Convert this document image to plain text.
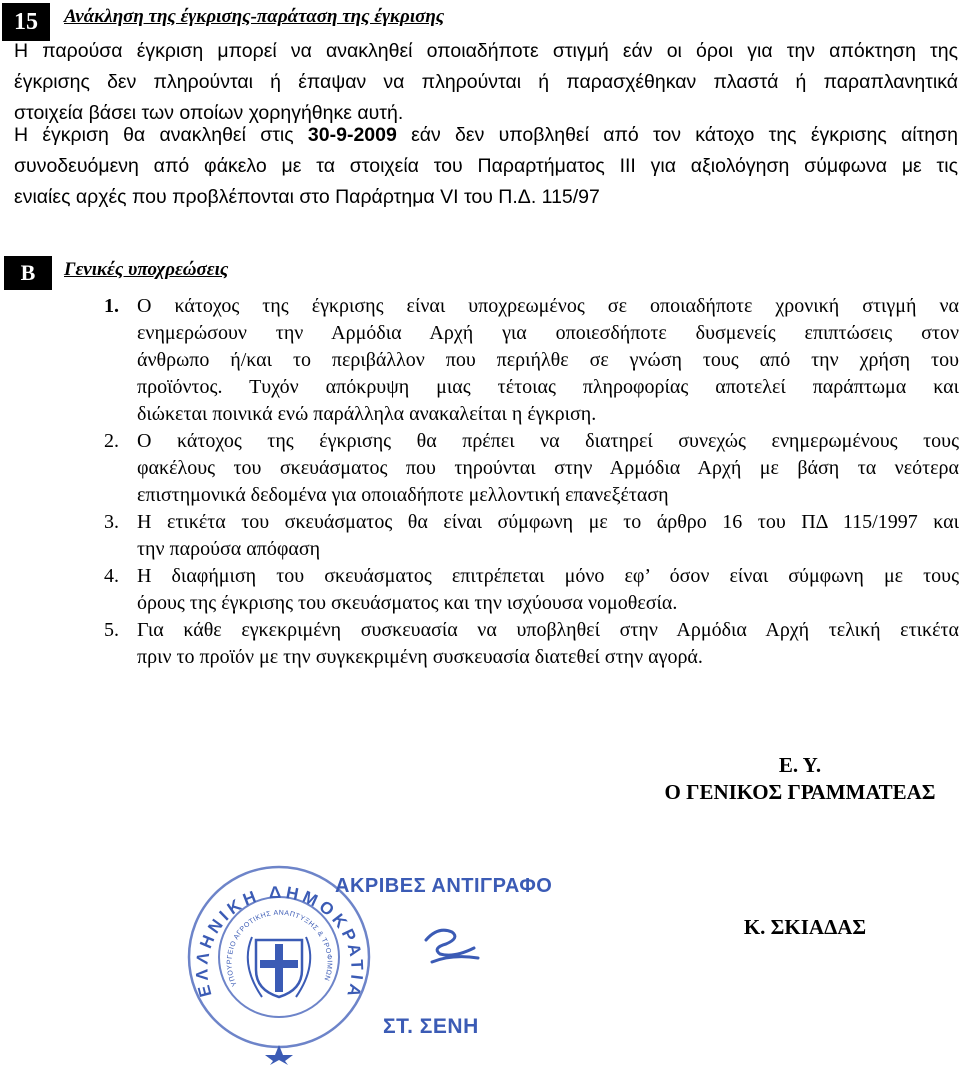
15	Ανάκληση της έγκρισης-παράταση της έγκρισης
Η παρούσα έγκριση μπορεί να ανακληθεί οποιαδήποτε στιγμή εάν οι όροι για την απόκτηση της
έγκρισης δεν πληρούνται ή έπαψαν να πληρούνται ή παρασχέθηκαν πλαστά ή παραπλανητικά
στοιχεία βάσει των οποίων χορηγήθηκε αυτή.
Η έγκριση θα ανακληθεί στις 30-9-2009 εάν δεν υποβληθεί από τον κάτοχο της έγκρισης αίτηση
συνοδευόμενη από φάκελο με τα στοιχεία του Παραρτήματος ΙΙΙ για αξιολόγηση σύμφωνα με τις
ενιαίες αρχές που προβλέπονται στο Παράρτημα VI του Π.Δ. 115/97
Β	Γενικές υποχρεώσεις
1. Ο κάτοχος της έγκρισης είναι υποχρεωμένος σε οποιαδήποτε χρονική στιγμή να
ενημερώσουν την Αρμόδια Αρχή για οποιεσδήποτε δυσμενείς επιπτώσεις στον
άνθρωπο ή/και το περιβάλλον που περιήλθε σε γνώση τους από την χρήση του
προϊόντος. Τυχόν απόκρυψη μιας τέτοιας πληροφορίας αποτελεί παράπτωμα και
διώκεται ποινικά ενώ παράλληλα ανακαλείται η έγκριση.
2. Ο κάτοχος της έγκρισης θα πρέπει να διατηρεί συνεχώς ενημερωμένους τους
φακέλους του σκευάσματος που τηρούνται στην Αρμόδια Αρχή με βάση τα νεότερα
επιστημονικά δεδομένα για οποιαδήποτε μελλοντική επανεξέταση
3. Η ετικέτα του σκευάσματος θα είναι σύμφωνη με το άρθρο 16 του ΠΔ 115/1997 και
την παρούσα απόφαση
4. Η διαφήμιση του σκευάσματος επιτρέπεται μόνο εφ’ όσον είναι σύμφωνη με τους
όρους της έγκρισης του σκευάσματος και την ισχύουσα νομοθεσία.
5. Για κάθε εγκεκριμένη συσκευασία να υποβληθεί στην Αρμόδια Αρχή τελική ετικέτα
πριν το προϊόν με την συγκεκριμένη συσκευασία διατεθεί στην αγορά.
Ε. Υ.
Ο ΓΕΝΙΚΟΣ ΓΡΑΜΜΑΤΕΑΣ
Κ. ΣΚΙΑΔΑΣ
ΕΛΛΗΝΙΚΗ ΔΗΜΟΚΡΑΤΙΑ
ΥΠΟΥΡΓΕΙΟ ΑΓΡΟΤΙΚΗΣ ΑΝΑΠΤΥΞΗΣ & ΤΡΟΦΙΜΩΝ
ΑΚΡΙΒΕΣ ΑΝΤΙΓΡΑΦΟ
ΣΤ. ΣΕΝΗ
